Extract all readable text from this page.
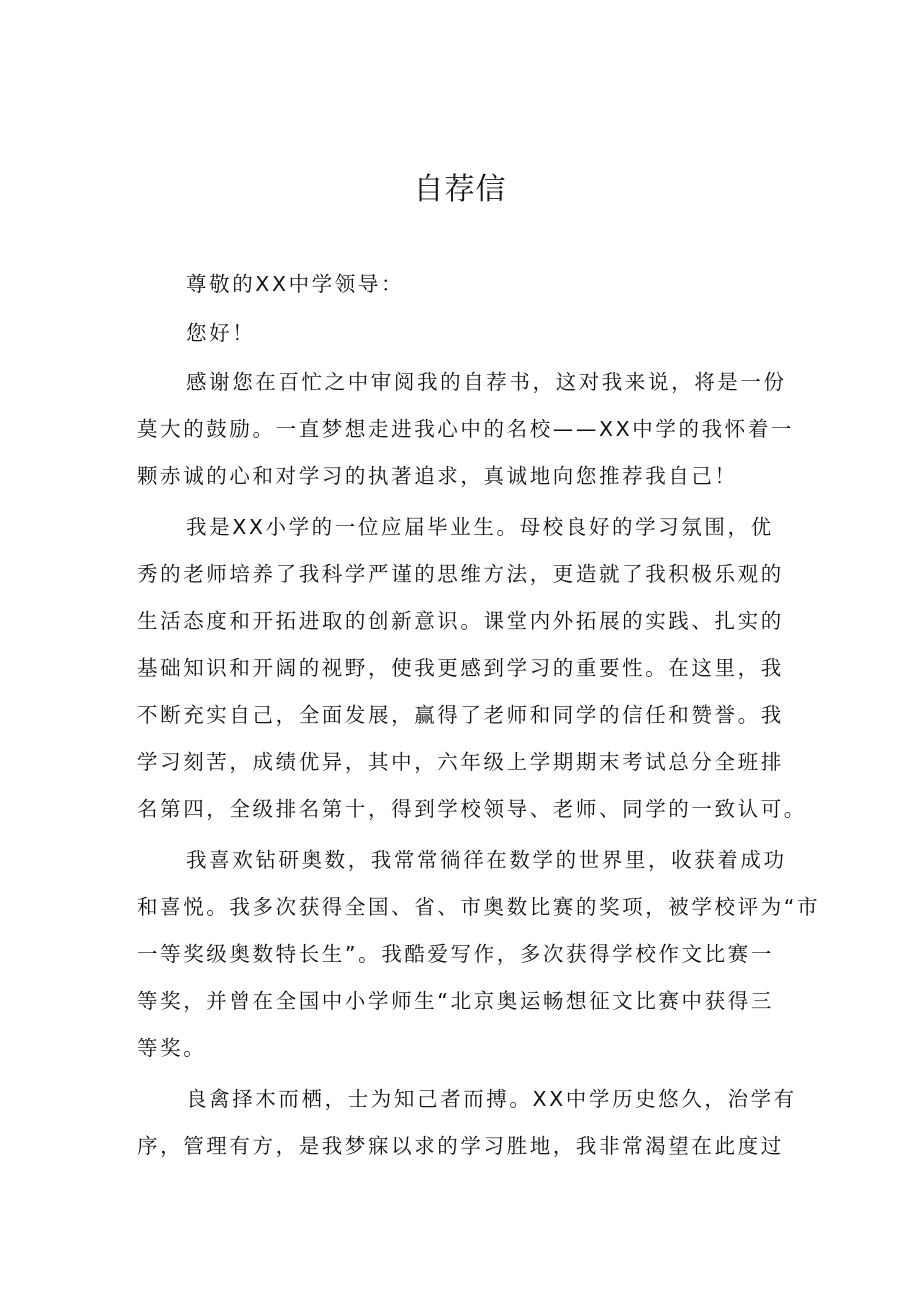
自荐信

尊敬的XX中学领导：

您好！

感谢您在百忙之中审阅我的自荐书，这对我来说，将是一份

莫大的鼓励。一直梦想走进我心中的名校——XX中学的我怀着一

颗赤诚的心和对学习的执著追求，真诚地向您推荐我自己！

我是XX小学的一位应届毕业生。母校良好的学习氛围，优

秀的老师培养了我科学严谨的思维方法，更造就了我积极乐观的

生活态度和开拓进取的创新意识。课堂内外拓展的实践、扎实的

基础知识和开阔的视野，使我更感到学习的重要性。在这里，我

不断充实自己，全面发展，赢得了老师和同学的信任和赞誉。我

学习刻苦，成绩优异，其中，六年级上学期期末考试总分全班排

名第四，全级排名第十，得到学校领导、老师、同学的一致认可。

我喜欢钻研奥数，我常常徜徉在数学的世界里，收获着成功

和喜悦。我多次获得全国、省、市奥数比赛的奖项，被学校评为“市

一等奖级奥数特长生”。我酷爱写作，多次获得学校作文比赛一

等奖，并曾在全国中小学师生“北京奥运畅想征文比赛中获得三

等奖。

良禽择木而栖，士为知己者而搏。XX中学历史悠久，治学有

序，管理有方，是我梦寐以求的学习胜地，我非常渴望在此度过
